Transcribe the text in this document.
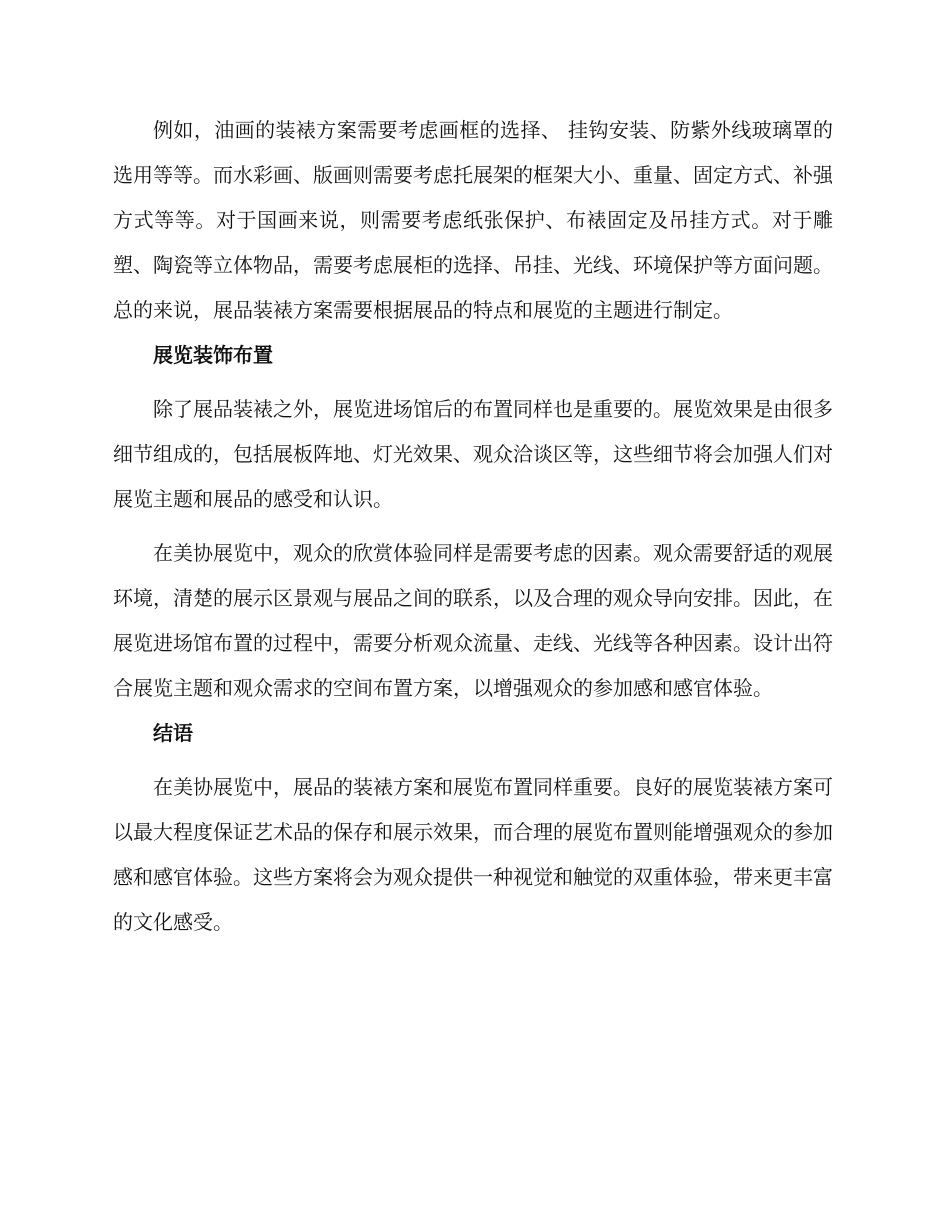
例如，油画的装裱方案需要考虑画框的选择、 挂钩安装、防紫外线玻璃罩的选用等等。而水彩画、版画则需要考虑托展架的框架大小、重量、固定方式、补强方式等等。对于国画来说，则需要考虑纸张保护、布裱固定及吊挂方式。对于雕塑、陶瓷等立体物品，需要考虑展柜的选择、吊挂、光线、环境保护等方面问题。总的来说，展品装裱方案需要根据展品的特点和展览的主题进行制定。

展览装饰布置

除了展品装裱之外，展览进场馆后的布置同样也是重要的。展览效果是由很多细节组成的，包括展板阵地、灯光效果、观众洽谈区等，这些细节将会加强人们对展览主题和展品的感受和认识。

在美协展览中，观众的欣赏体验同样是需要考虑的因素。观众需要舒适的观展环境，清楚的展示区景观与展品之间的联系，以及合理的观众导向安排。因此，在展览进场馆布置的过程中，需要分析观众流量、走线、光线等各种因素。设计出符合展览主题和观众需求的空间布置方案，以增强观众的参加感和感官体验。

结语

在美协展览中，展品的装裱方案和展览布置同样重要。良好的展览装裱方案可以最大程度保证艺术品的保存和展示效果，而合理的展览布置则能增强观众的参加感和感官体验。这些方案将会为观众提供一种视觉和触觉的双重体验，带来更丰富的文化感受。
